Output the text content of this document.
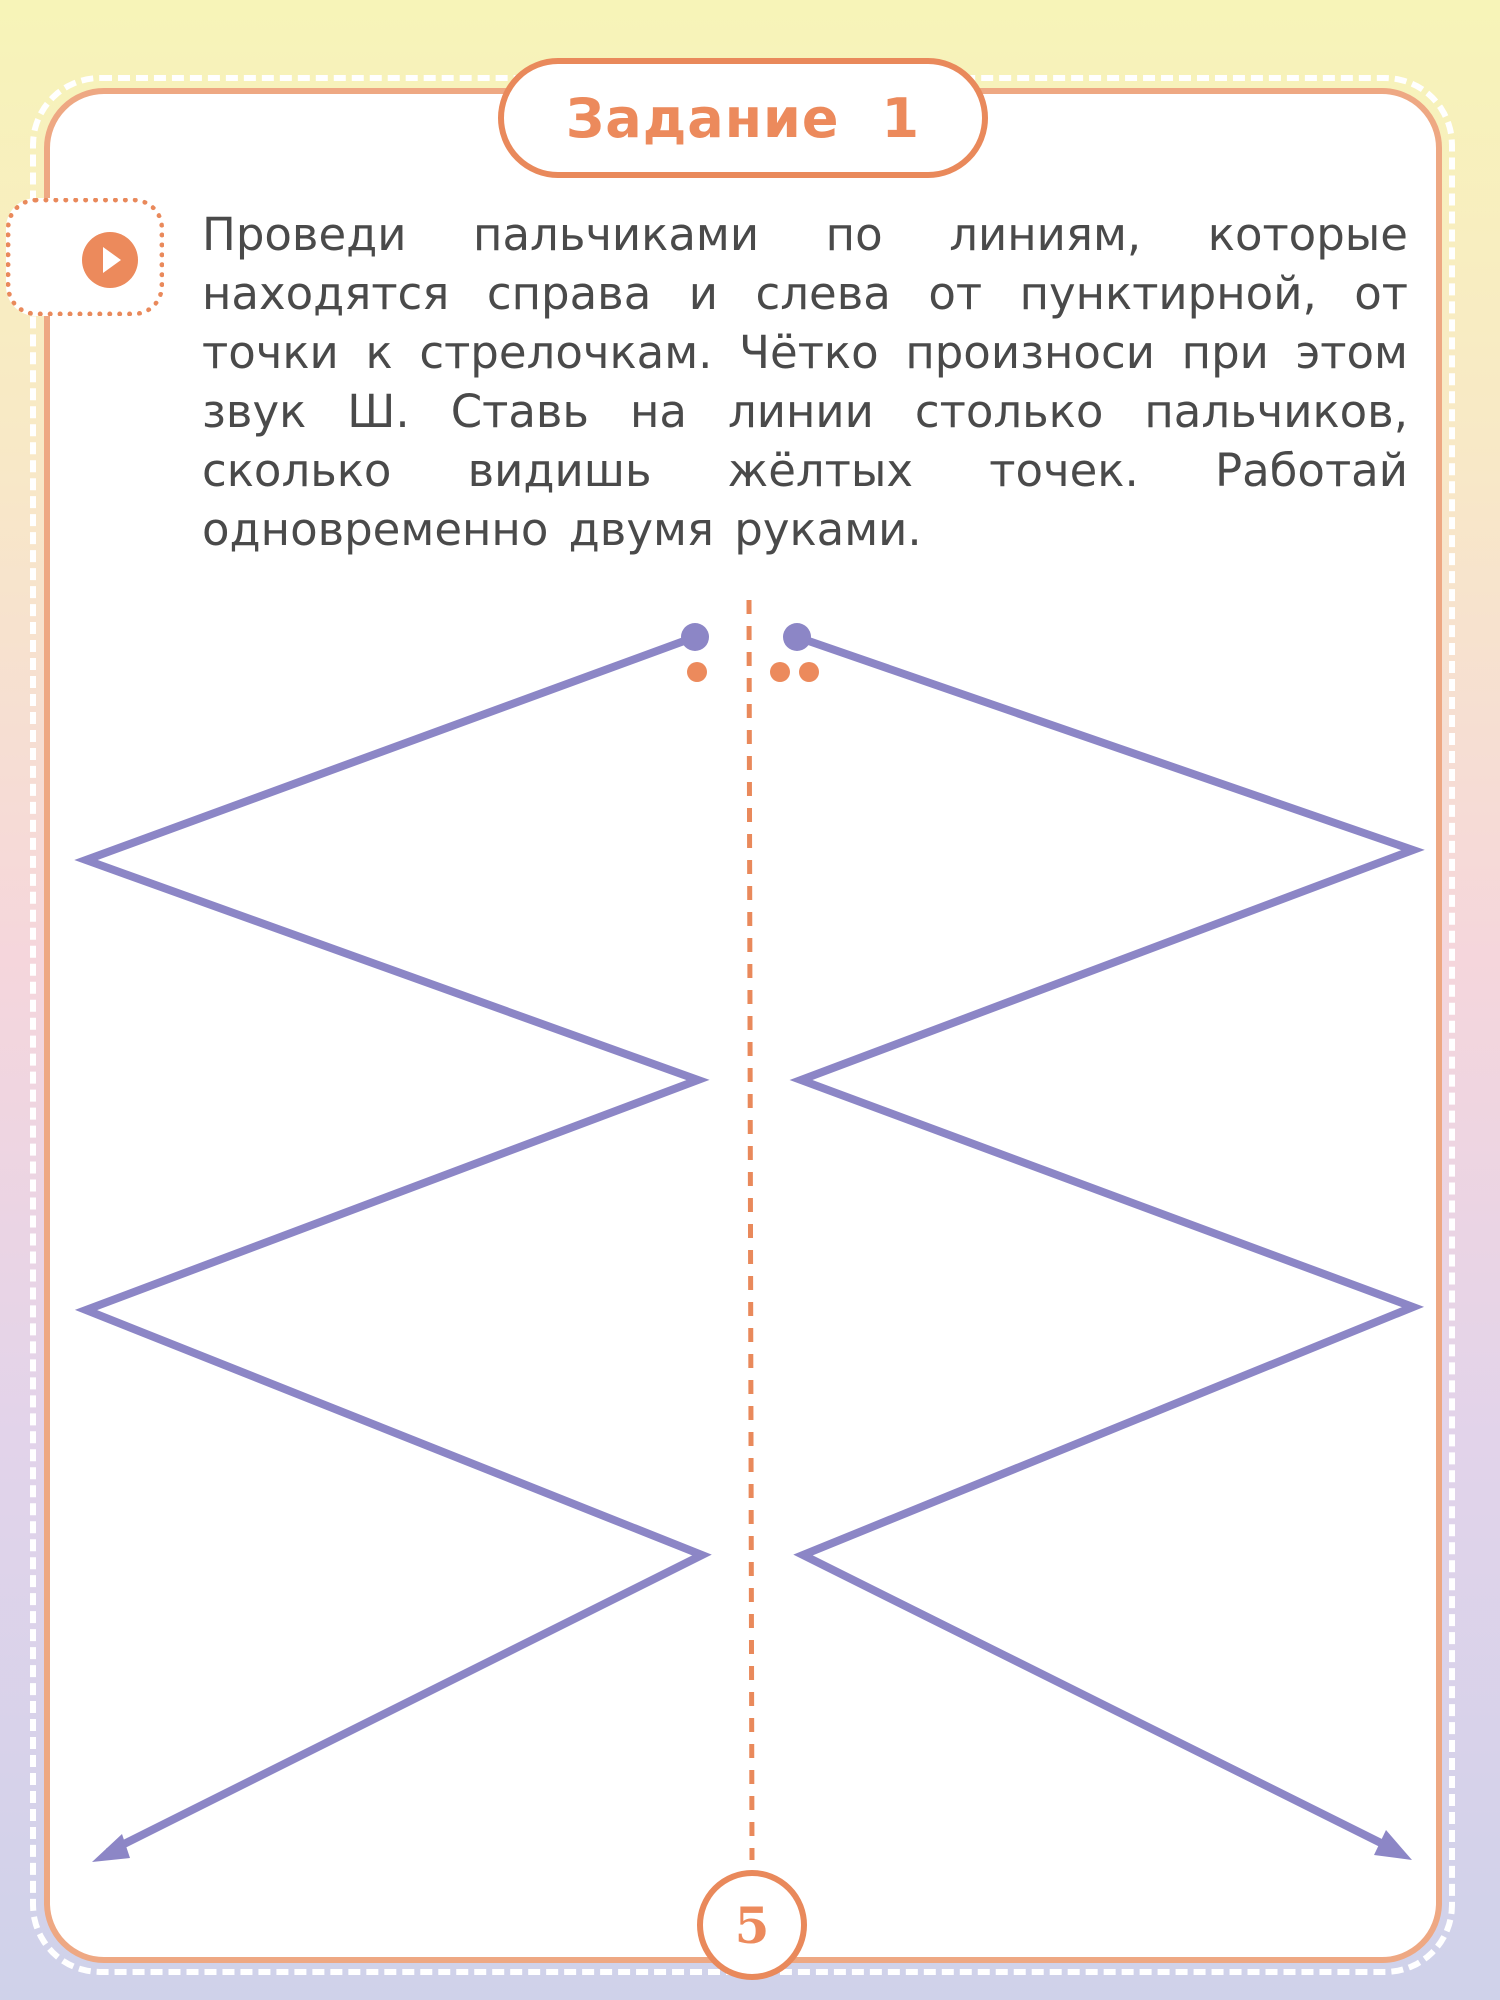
Задание 1

Проведи пальчиками по линиям, которые находятся справа и слева от пунктирной, от точки к стрелочкам. Чётко произноси при этом звук Ш. Ставь на линии столько пальчиков, сколько видишь жёлтых точек. Работай одновременно двумя руками.

5
